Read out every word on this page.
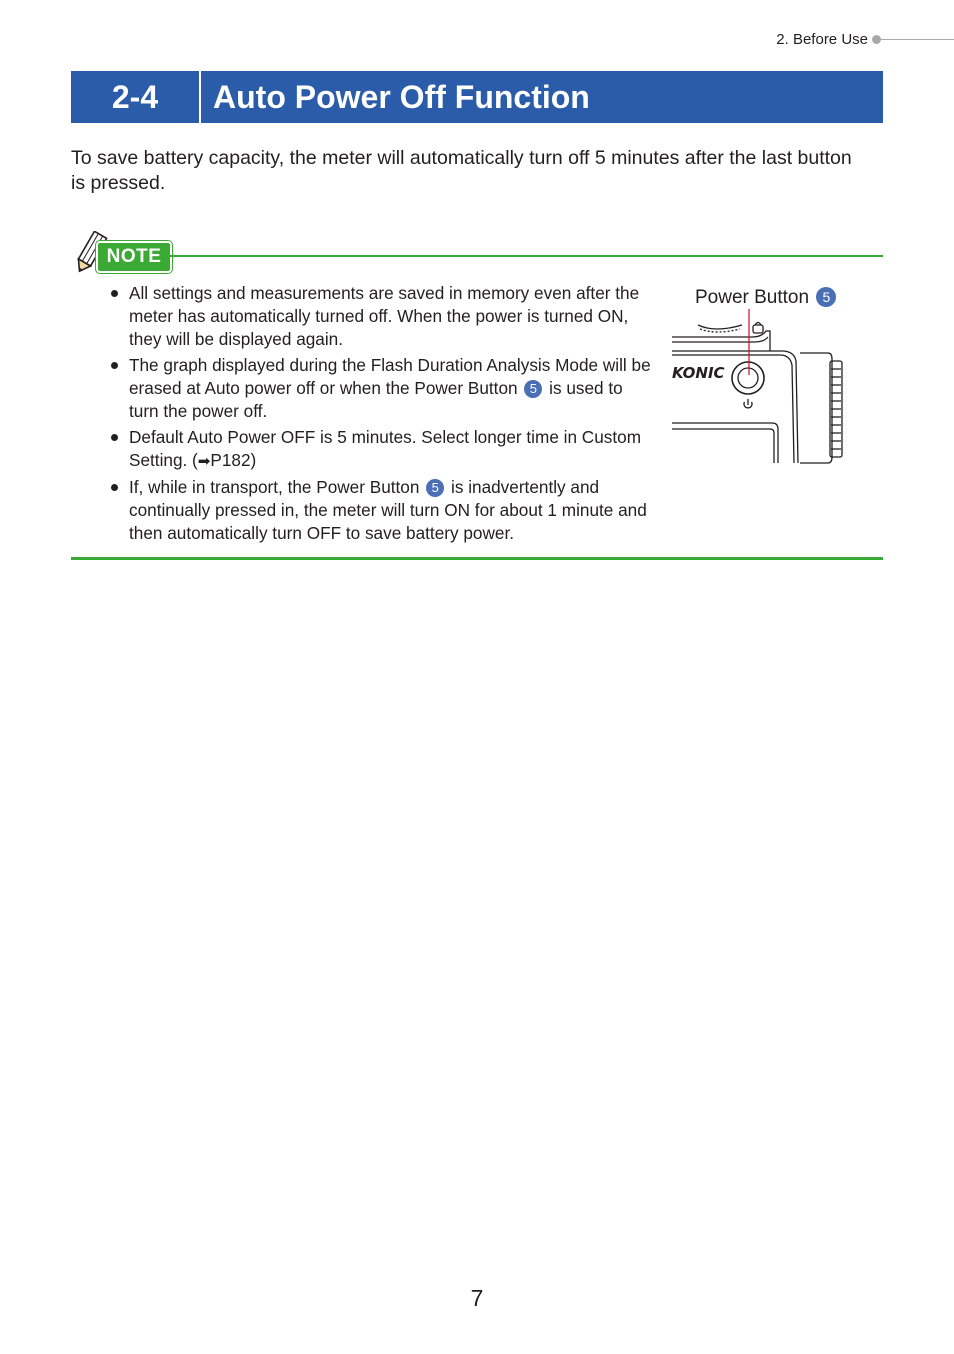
2. Before Use
2-4	Auto Power Off Function

To save battery capacity, the meter will automatically turn off 5 minutes after the last button is pressed.

NOTE
All settings and measurements are saved in memory even after the meter has automatically turned off. When the power is turned ON, they will be displayed again.
The graph displayed during the Flash Duration Analysis Mode will be erased at Auto power off or when the Power Button 5 is used to turn the power off.
Default Auto Power OFF is 5 minutes. Select longer time in Custom Setting. (➡P182)
If, while in transport, the Power Button 5 is inadvertently and continually pressed in, the meter will turn ON for about 1 minute and then automatically turn OFF to save battery power.
KONIC
Power Button 5
7
